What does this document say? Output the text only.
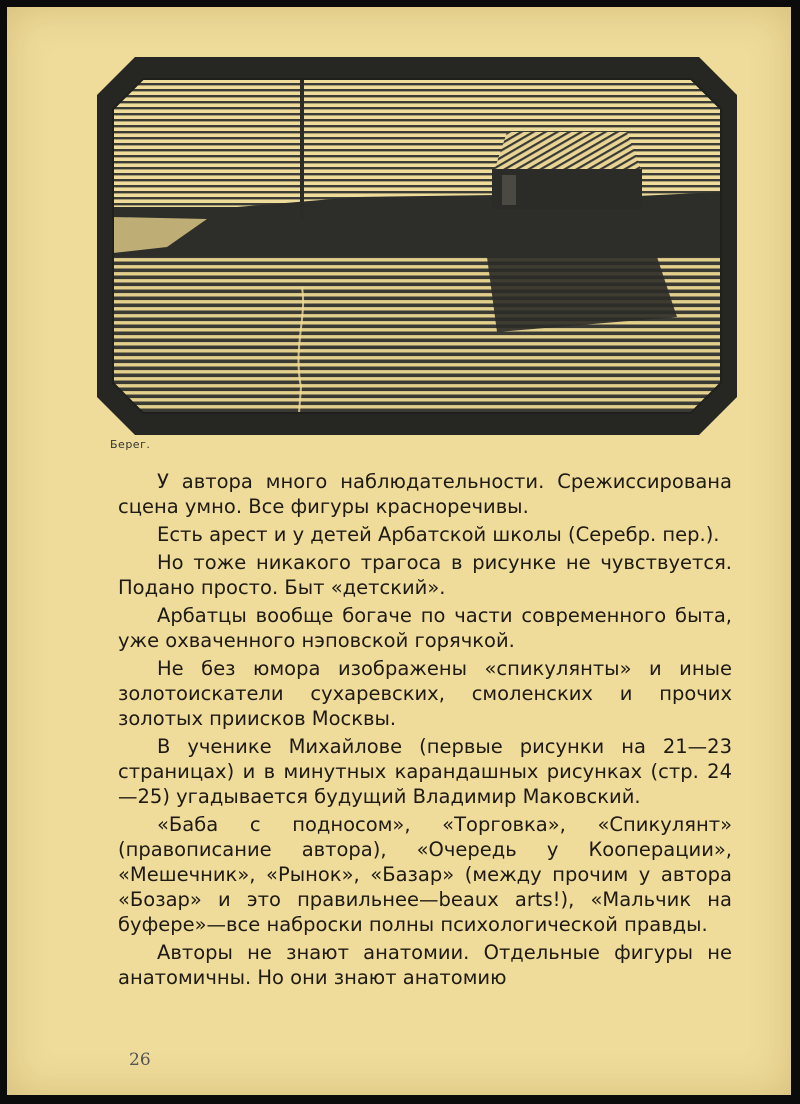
Берег.

У автора много наблюдательности. Срежиссирована сцена умно. Все фигуры красноречивы.

Есть арест и у детей Арбатской школы (Серебр. пер.).

Но тоже никакого трагоса в рисунке не чувствуется. Подано просто. Быт «детский».

Арбатцы вообще богаче по части современного быта, уже охваченного нэповской горячкой.

Не без юмора изображены «спикулянты» и иные золотоискатели сухаревских, смоленских и прочих золотых приисков Москвы.

В ученике Михайлове (первые рисунки на 21—23 страницах) и в минутных карандашных рисунках (стр. 24—25) угадывается будущий Владимир Маковский.

«Баба с подносом», «Торговка», «Спикулянт» (правописание автора), «Очередь у Кооперации», «Мешечник», «Рынок», «Базар» (между прочим у автора «Бозар» и это правильнее—beaux arts!), «Мальчик на буфере»—все наброски полны психологической правды.

Авторы не знают анатомии. Отдельные фигуры не анатомичны. Но они знают анатомию

26
